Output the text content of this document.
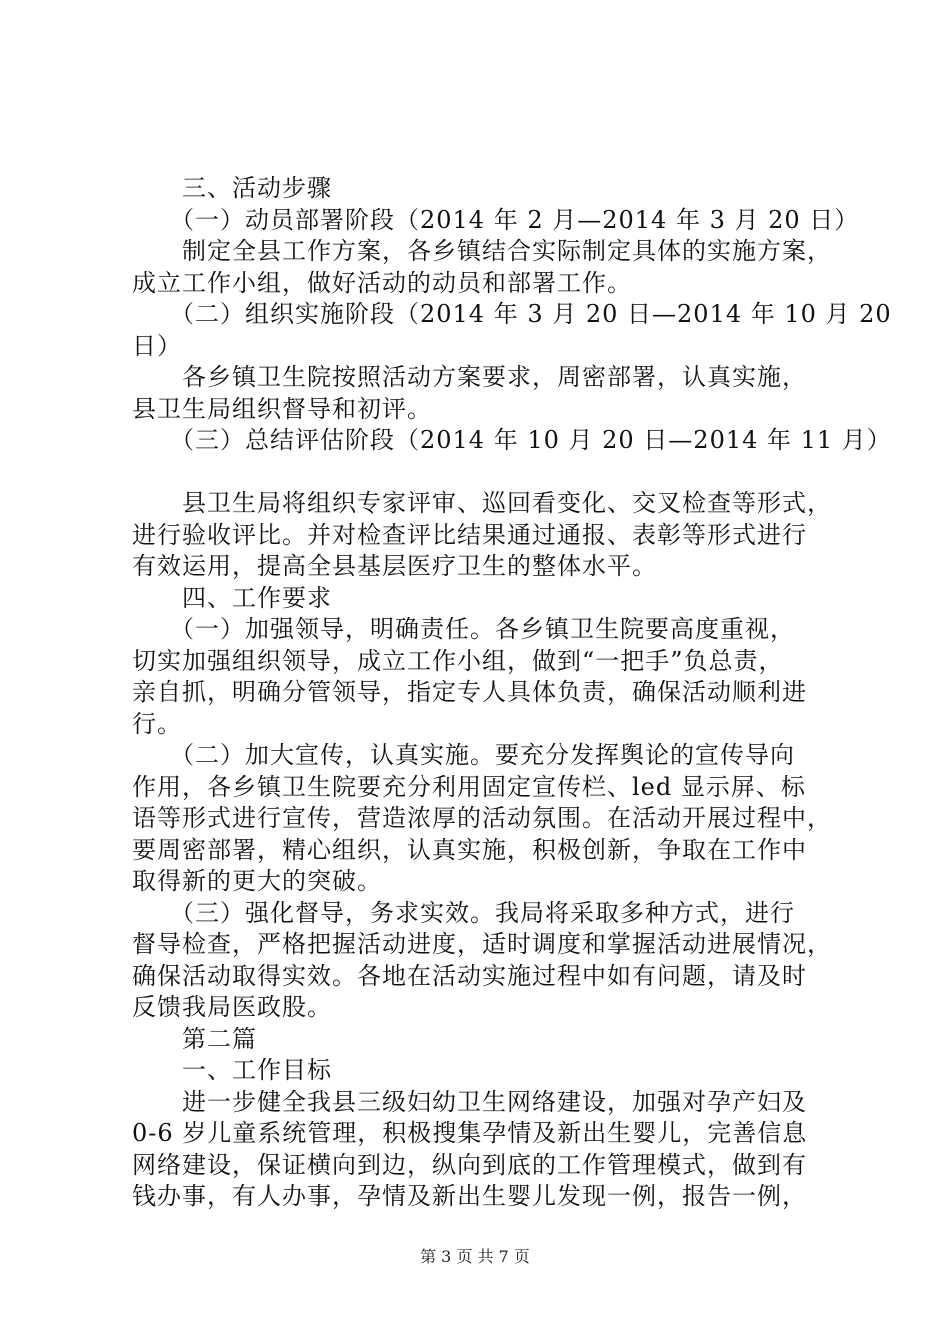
　　三、活动步骤
　　（一）动员部署阶段（2014 年 2 月—2014 年 3 月 20 日）
　　制定全县工作方案，各乡镇结合实际制定具体的实施方案，
成立工作小组，做好活动的动员和部署工作。
　　（二）组织实施阶段（2014 年 3 月 20 日—2014 年 10 月 20
日）
　　各乡镇卫生院按照活动方案要求，周密部署，认真实施，
县卫生局组织督导和初评。
　　（三）总结评估阶段（2014 年 10 月 20 日—2014 年 11 月）
　　县卫生局将组织专家评审、巡回看变化、交叉检查等形式，
进行验收评比。并对检查评比结果通过通报、表彰等形式进行
有效运用，提高全县基层医疗卫生的整体水平。
　　四、工作要求
　　（一）加强领导，明确责任。各乡镇卫生院要高度重视，
切实加强组织领导，成立工作小组，做到“一把手”负总责，
亲自抓，明确分管领导，指定专人具体负责，确保活动顺利进
行。
　　（二）加大宣传，认真实施。要充分发挥舆论的宣传导向
作用，各乡镇卫生院要充分利用固定宣传栏、led 显示屏、标
语等形式进行宣传，营造浓厚的活动氛围。在活动开展过程中，
要周密部署，精心组织，认真实施，积极创新，争取在工作中
取得新的更大的突破。
　　（三）强化督导，务求实效。我局将采取多种方式，进行
督导检查，严格把握活动进度，适时调度和掌握活动进展情况，
确保活动取得实效。各地在活动实施过程中如有问题，请及时
反馈我局医政股。
　　第二篇
　　一、工作目标
　　进一步健全我县三级妇幼卫生网络建设，加强对孕产妇及
0-6 岁儿童系统管理，积极搜集孕情及新出生婴儿，完善信息
网络建设，保证横向到边，纵向到底的工作管理模式，做到有
钱办事，有人办事，孕情及新出生婴儿发现一例，报告一例，
第 3 页 共 7 页
